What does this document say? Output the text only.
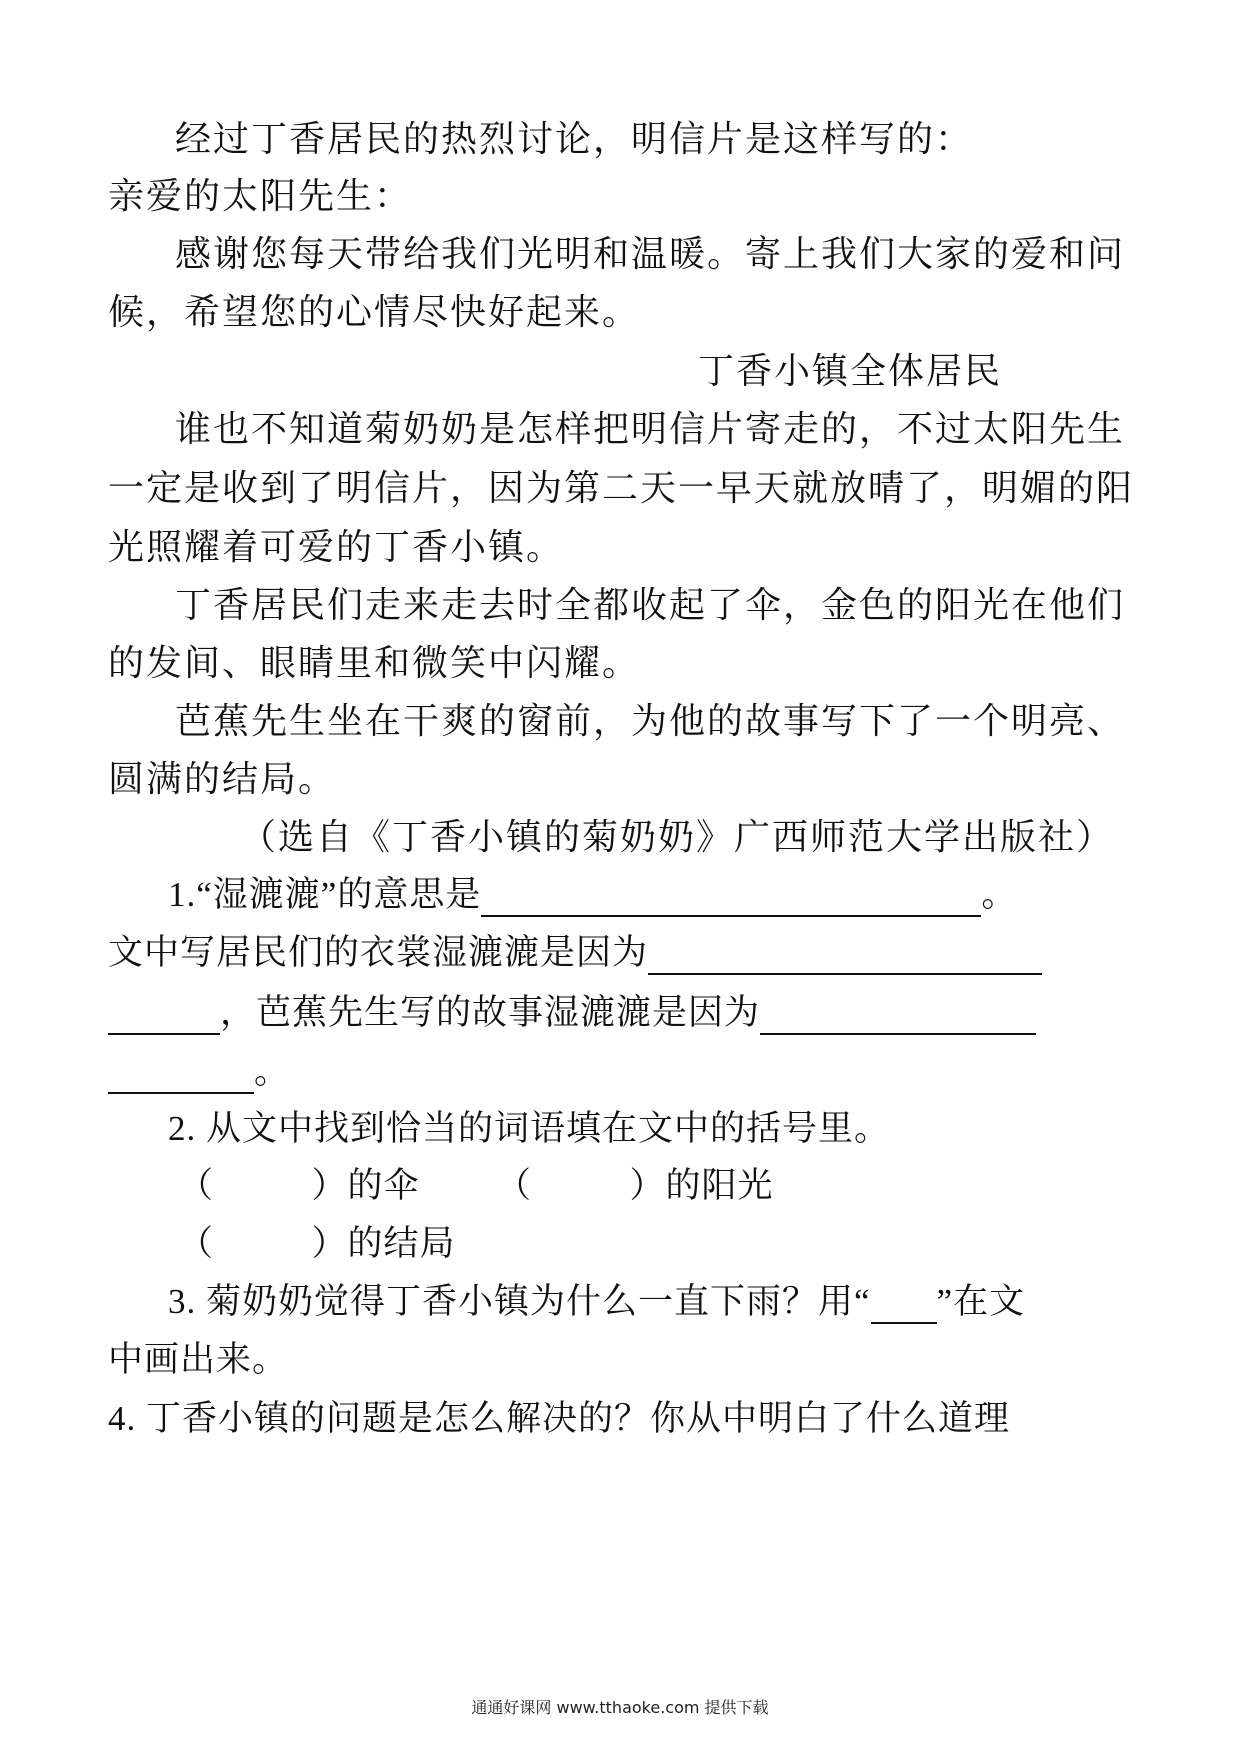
经过丁香居民的热烈讨论，明信片是这样写的：
亲爱的太阳先生：
感谢您每天带给我们光明和温暖。寄上我们大家的爱和问
候，希望您的心情尽快好起来。
丁香小镇全体居民
谁也不知道菊奶奶是怎样把明信片寄走的，不过太阳先生
一定是收到了明信片，因为第二天一早天就放晴了，明媚的阳
光照耀着可爱的丁香小镇。
丁香居民们走来走去时全都收起了伞，金色的阳光在他们
的发间、眼睛里和微笑中闪耀。
芭蕉先生坐在干爽的窗前，为他的故事写下了一个明亮、
圆满的结局。
（选自《丁香小镇的菊奶奶》广西师范大学出版社）
1.“湿漉漉”的意思是	。
文中写居民们的衣裳湿漉漉是因为
，芭蕉先生写的故事湿漉漉是因为
。
2. 从文中找到恰当的词语填在文中的括号里。
（          ）的伞 （          ）的阳光
（          ）的结局
3. 菊奶奶觉得丁香小镇为什么一直下雨？用“ ”在文
中画出来。
4. 丁香小镇的问题是怎么解决的？你从中明白了什么道理
通通好课网 www.tthaoke.com 提供下载
